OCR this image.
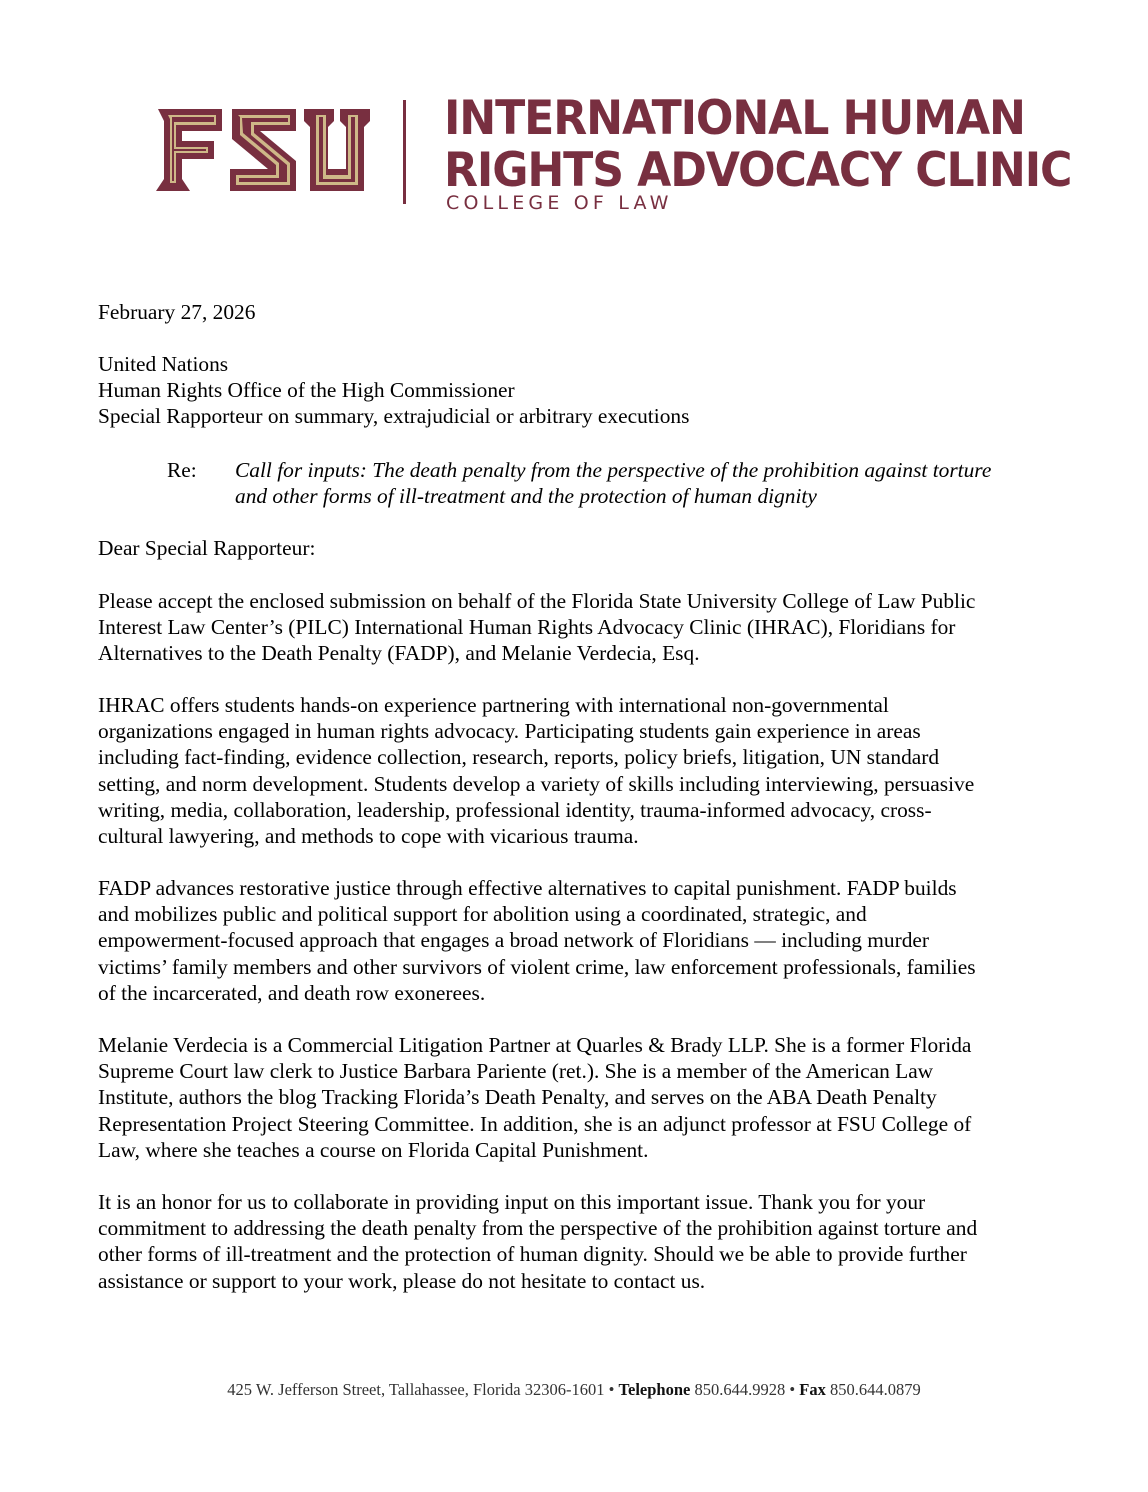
INTERNATIONAL HUMAN
RIGHTS ADVOCACY CLINIC
COLLEGE OF LAW
February 27, 2026
United Nations
Human Rights Office of the High Commissioner
Special Rapporteur on summary, extrajudicial or arbitrary executions
Re: Call for inputs: The death penalty from the perspective of the prohibition against torture
and other forms of ill-treatment and the protection of human dignity
Dear Special Rapporteur:

Please accept the enclosed submission on behalf of the Florida State University College of Law Public

Interest Law Center’s (PILC) International Human Rights Advocacy Clinic (IHRAC), Floridians for

Alternatives to the Death Penalty (FADP), and Melanie Verdecia, Esq.

IHRAC offers students hands-on experience partnering with international non-governmental

organizations engaged in human rights advocacy. Participating students gain experience in areas

including fact-finding, evidence collection, research, reports, policy briefs, litigation, UN standard

setting, and norm development. Students develop a variety of skills including interviewing, persuasive

writing, media, collaboration, leadership, professional identity, trauma-informed advocacy, cross-

cultural lawyering, and methods to cope with vicarious trauma.

FADP advances restorative justice through effective alternatives to capital punishment. FADP builds

and mobilizes public and political support for abolition using a coordinated, strategic, and

empowerment-focused approach that engages a broad network of Floridians — including murder

victims’ family members and other survivors of violent crime, law enforcement professionals, families

of the incarcerated, and death row exonerees.

Melanie Verdecia is a Commercial Litigation Partner at Quarles & Brady LLP. She is a former Florida

Supreme Court law clerk to Justice Barbara Pariente (ret.). She is a member of the American Law

Institute, authors the blog Tracking Florida’s Death Penalty, and serves on the ABA Death Penalty

Representation Project Steering Committee. In addition, she is an adjunct professor at FSU College of

Law, where she teaches a course on Florida Capital Punishment.

It is an honor for us to collaborate in providing input on this important issue. Thank you for your

commitment to addressing the death penalty from the perspective of the prohibition against torture and

other forms of ill-treatment and the protection of human dignity. Should we be able to provide further

assistance or support to your work, please do not hesitate to contact us.

425 W. Jefferson Street, Tallahassee, Florida 32306-1601 • Telephone 850.644.9928 • Fax 850.644.0879
